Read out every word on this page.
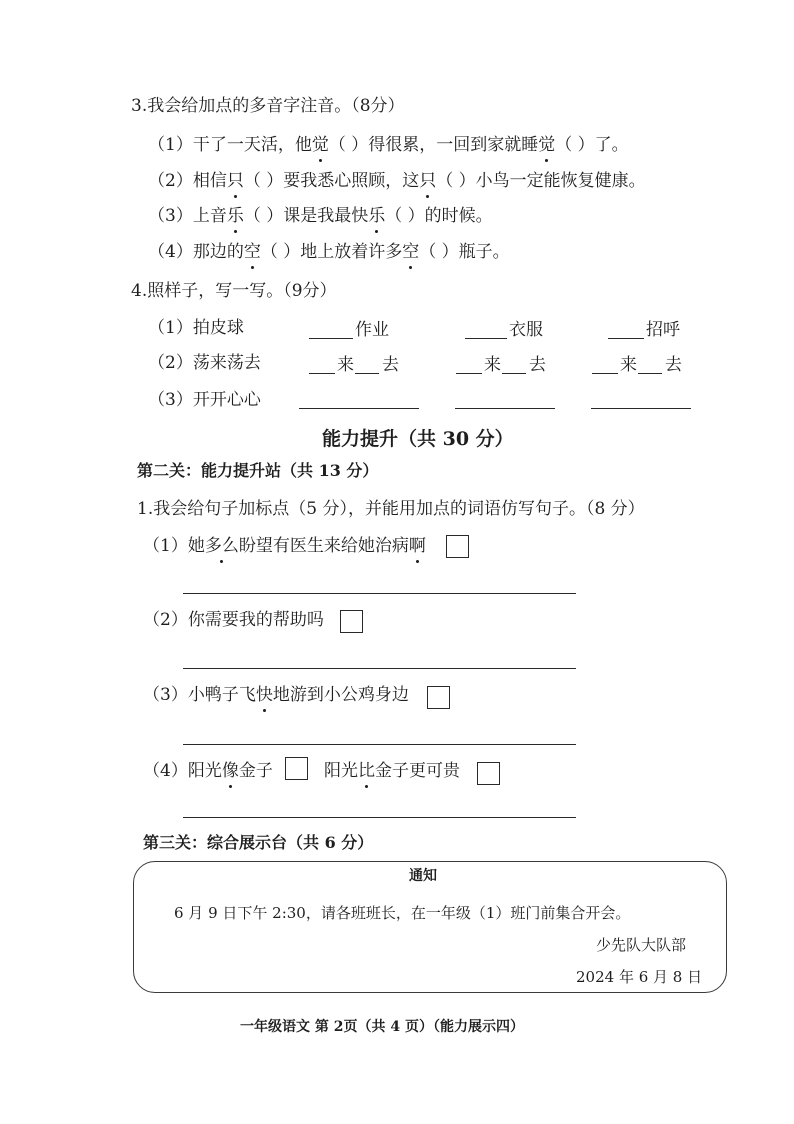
3.我会给加点的多音字注音。（8分）
（1）干了一天活，他觉（ ）得很累，一回到家就睡觉（ ）了。
（2）相信只（ ）要我悉心照顾，这只（ ）小鸟一定能恢复健康。
（3）上音乐（ ）课是我最快乐（ ）的时候。
（4）那边的空（ ）地上放着许多空（ ）瓶子。
4.照样子，写一写。（9分）
（1）拍皮球	作业	衣服	招呼
（2）荡来荡去	来 去	来 去	来 去
（3）开开心心
能力提升（共 30 分）
第二关：能力提升站（共 13 分）
1.我会给句子加标点（5 分），并能用加点的词语仿写句子。（8 分）
（1）她多么盼望有医生来给她治病啊
（2）你需要我的帮助吗
（3）小鸭子飞快地游到小公鸡身边
（4）阳光像金子	阳光比金子更可贵
第三关：综合展示台（共 6 分）
通知
6 月 9 日下午 2:30，请各班班长，在一年级（1）班门前集合开会。
少先队大队部
2024 年 6 月 8 日
一年级语文 第 2页（共 4 页）（能力展示四）
